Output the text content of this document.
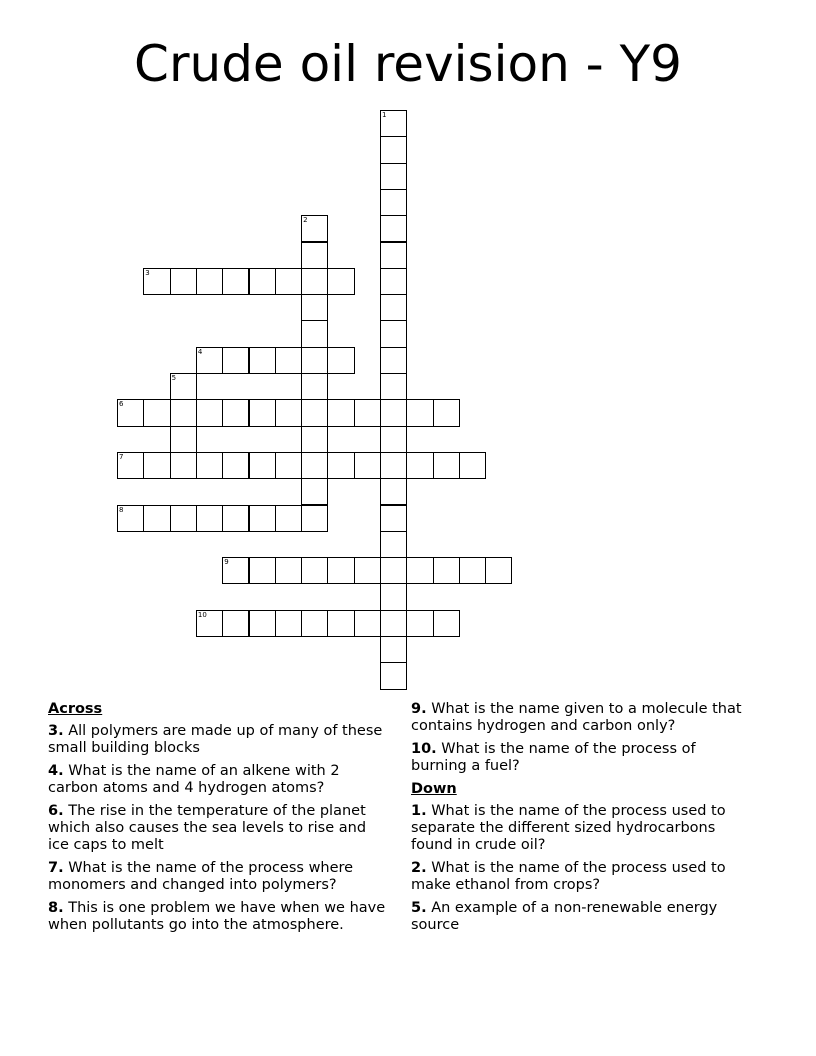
Crude oil revision - Y9
1
2
3
4
5
6
7
8
9
10
Across
3. All polymers are made up of many of these small building blocks
4. What is the name of an alkene with 2 carbon atoms and 4 hydrogen atoms?
6. The rise in the temperature of the planet which also causes the sea levels to rise and ice caps to melt
7. What is the name of the process where monomers and changed into polymers?
8. This is one problem we have when we have when pollutants go into the atmosphere.
9. What is the name given to a molecule that contains hydrogen and carbon only?
10. What is the name of the process of burning a fuel?
Down
1. What is the name of the process used to separate the different sized hydrocarbons found in crude oil?
2. What is the name of the process used to make ethanol from crops?
5. An example of a non-renewable energy source
